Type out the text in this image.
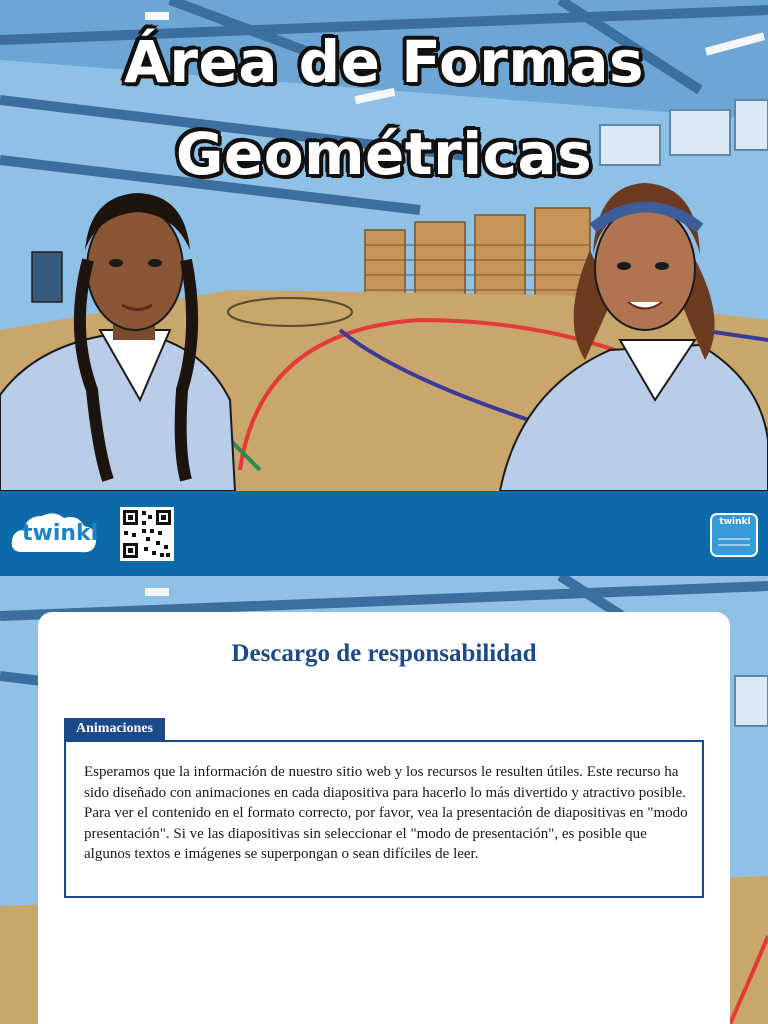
Área de Formas
Geométricas
twinkl	twinkl
Descargo de responsabilidad
Animaciones
Esperamos que la información de nuestro sitio web y los recursos le resulten útiles. Este recurso ha sido diseñado con animaciones en cada diapositiva para hacerlo lo más divertido y atractivo posible. Para ver el contenido en el formato correcto, por favor, vea la presentación de diapositivas en "modo presentación". Si ve las diapositivas sin seleccionar el "modo de presentación", es posible que algunos textos e imágenes se superpongan o sean difíciles de leer.
